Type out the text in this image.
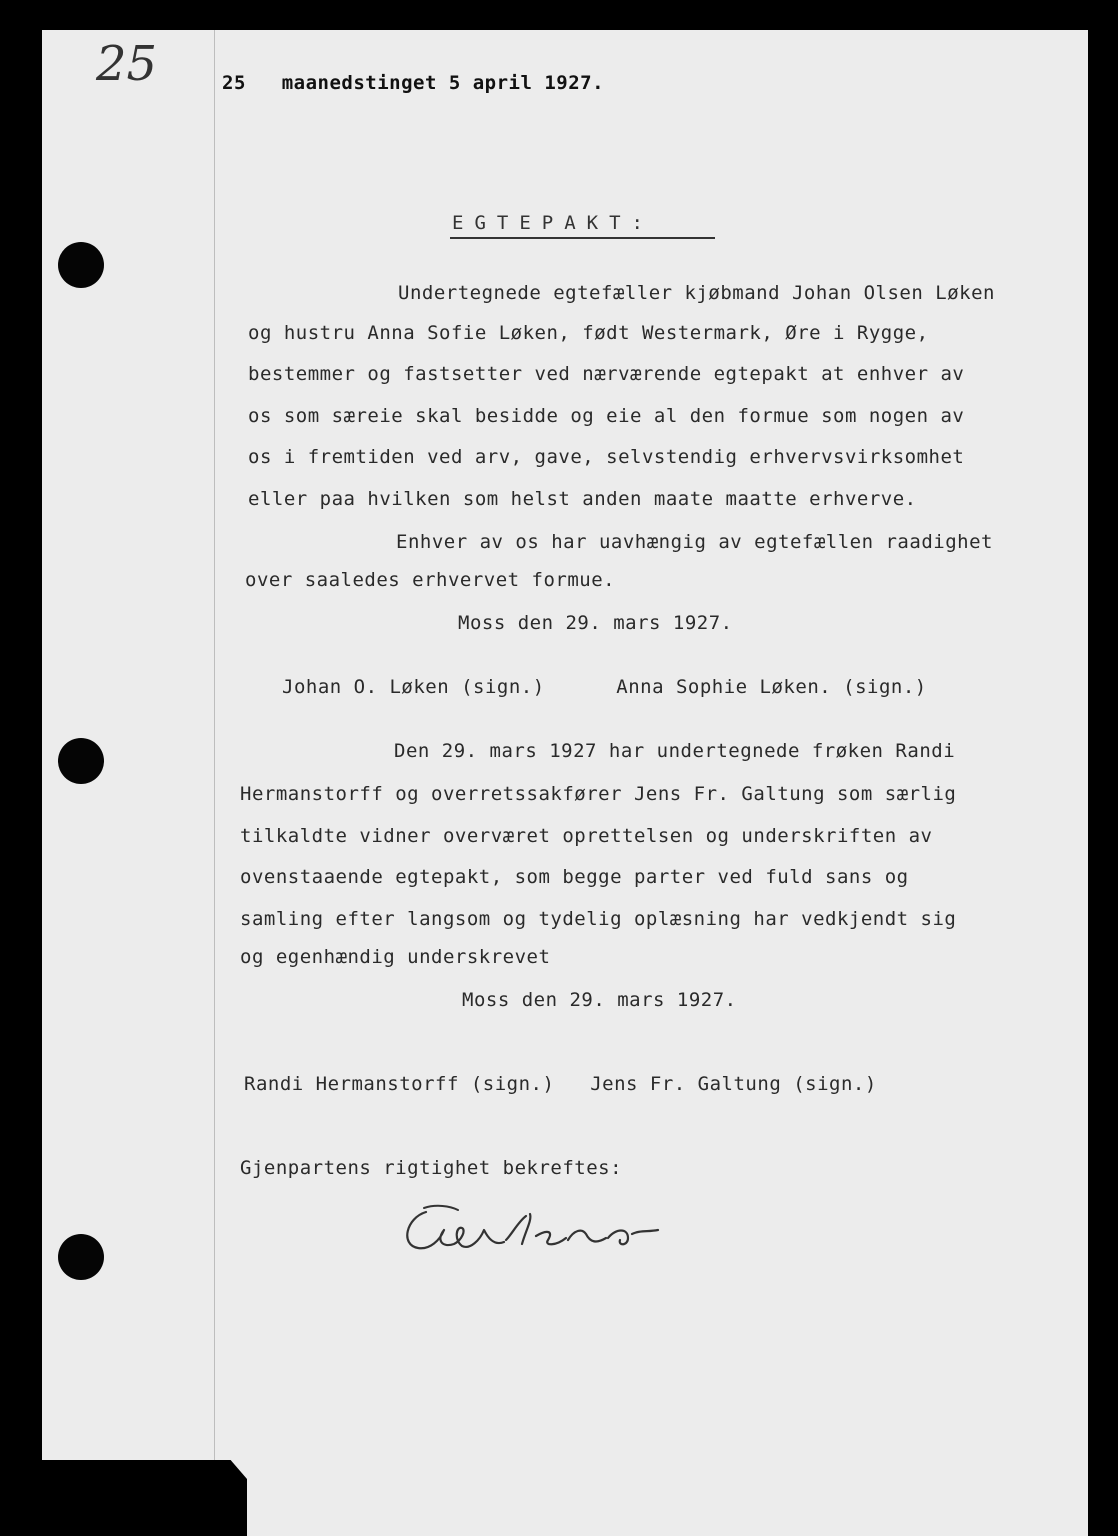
25	25   maanedstinget 5 april 1927.
EGTEPAKT:
Undertegnede egtefæller kjøbmand Johan Olsen Løken
og hustru Anna Sofie Løken, født Westermark, Øre i Rygge,
bestemmer og fastsetter ved nærværende egtepakt at enhver av
os som særeie skal besidde og eie al den formue som nogen av
os i fremtiden ved arv, gave, selvstendig erhvervsvirksomhet
eller paa hvilken som helst anden maate maatte erhverve.
Enhver av os har uavhængig av egtefællen raadighet
over saaledes erhvervet formue.
Moss den 29. mars 1927.
Johan O. Løken (sign.)      Anna Sophie Løken. (sign.)
Den 29. mars 1927 har undertegnede frøken Randi
Hermanstorff og overretssakfører Jens Fr. Galtung som særlig
tilkaldte vidner overværet oprettelsen og underskriften av
ovenstaaende egtepakt, som begge parter ved fuld sans og
samling efter langsom og tydelig oplæsning har vedkjendt sig
og egenhændig underskrevet
Moss den 29. mars 1927.
Randi Hermanstorff (sign.)   Jens Fr. Galtung (sign.)
Gjenpartens rigtighet bekreftes:
